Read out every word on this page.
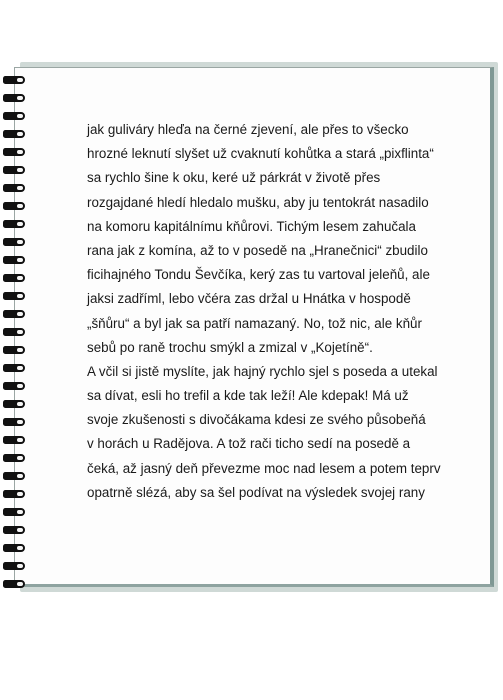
jak guliváry hleďa na černé zjevení, ale přes to všecko
hrozné leknutí slyšet už cvaknutí kohůtka a stará „pixflinta“
sa rychlo šine k oku, keré už párkrát v životě přes
rozgajdané hledí hledalo mušku, aby ju tentokrát nasadilo
na komoru kapitálnímu kňůrovi. Tichým lesem zahučala
rana jak z komína, až to v posedě na „Hranečnici“ zbudilo
ficihajného Tondu Ševčíka, kerý zas tu vartoval jeleňů, ale
jaksi zadříml, lebo včéra zas držal u Hnátka v hospodě
„šňůru“ a byl jak sa patří namazaný. No, tož nic, ale kňůr
sebů po raně trochu smýkl a zmizal v „Kojetíně“.
A včil si jistě myslíte, jak hajný rychlo sjel s poseda a utekal
sa dívat, esli ho trefil a kde tak leží! Ale kdepak! Má už
svoje zkušenosti s divočákama kdesi ze svého působeňá
v horách u Radějova. A tož rači ticho sedí na posedě a
čeká, až jasný deň převezme moc nad lesem a potem teprv
opatrně slézá, aby sa šel podívat na výsledek svojej rany
